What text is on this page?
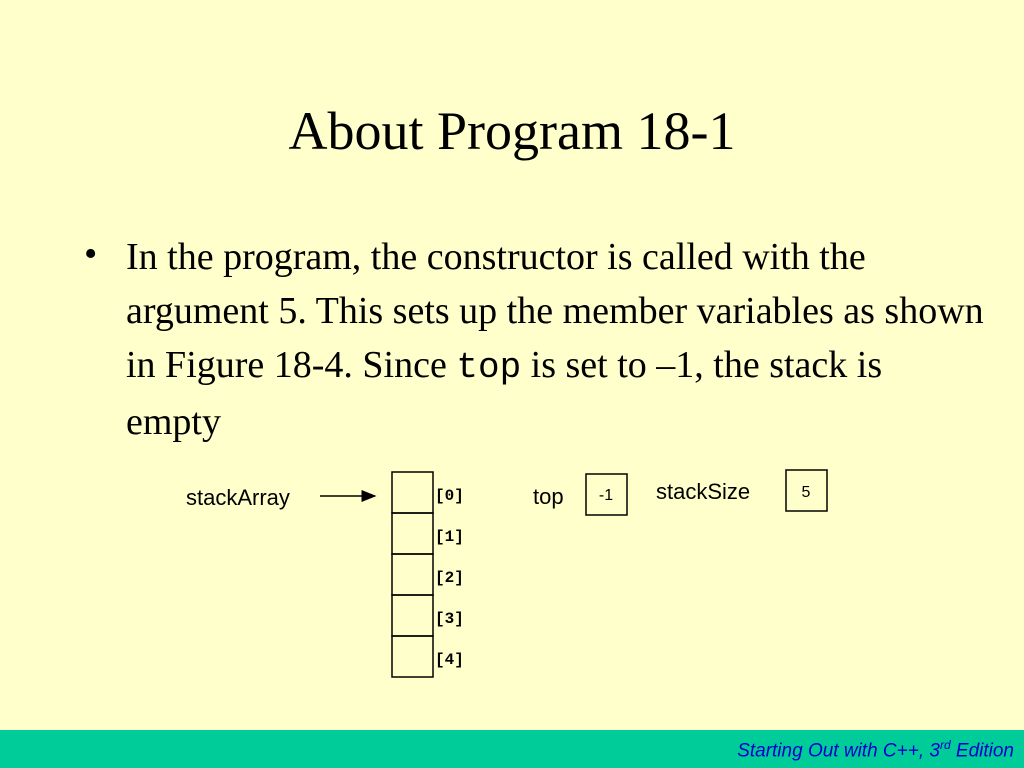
About Program 18-1
• In the program, the constructor is called with the argument 5. This sets up the member variables as shown in Figure 18-4. Since top is set to –1, the stack is empty
stackArray	[0]
[1]
[2]
[3]
[4]
top -1 stackSize	5
Starting Out with C++, 3rd Edition
